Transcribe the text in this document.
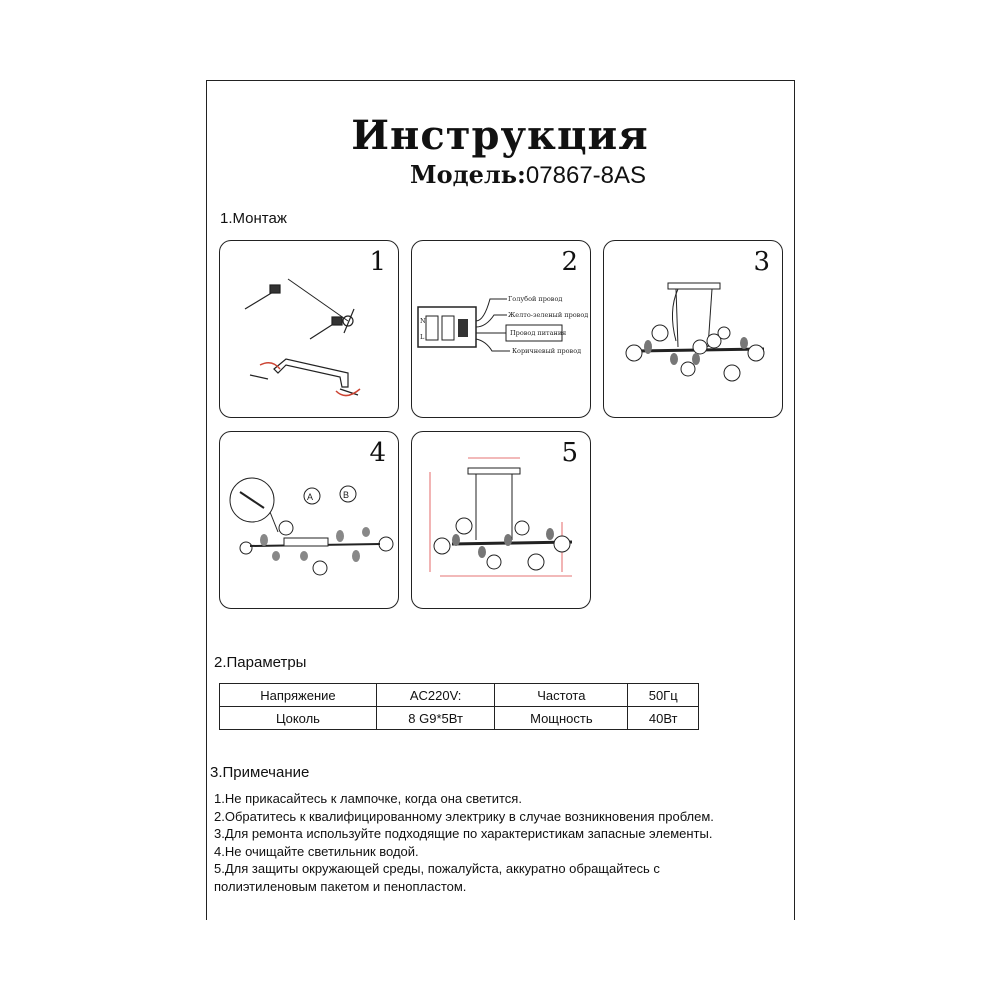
Инструкция
Модель:07867-8AS
1.Монтаж
1	2
N
L
Голубой провод
Желто-зеленый провод
Провод питания
Коричневый провод
3
4
A	B
5
2.Параметры
Напряжение	AC220V:	Частота	50Гц
Цоколь	8 G9*5Вт	Мощность	40Вт
3.Примечание
1.Не прикасайтесь к лампочке, когда она светится.
2.Обратитесь к квалифицированному электрику в случае возникновения проблем.
3.Для ремонта используйте подходящие по характеристикам запасные элементы.
4.Не очищайте светильник водой.
5.Для защиты окружающей среды, пожалуйста, аккуратно обращайтесь с
полиэтиленовым пакетом и пенопластом.
